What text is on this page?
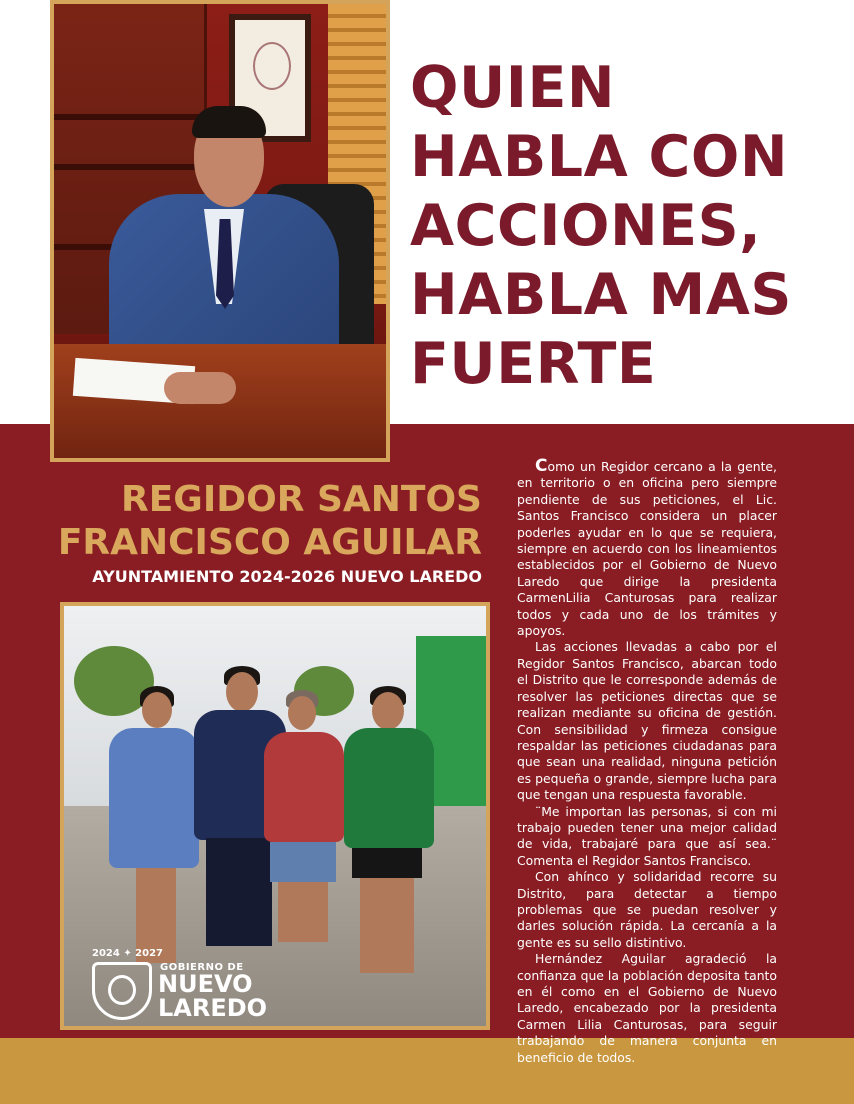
QUIEN HABLA CON ACCIONES, HABLA MAS FUERTE
REGIDOR SANTOS FRANCISCO AGUILAR
AYUNTAMIENTO 2024-2026 NUEVO LAREDO
2024 ✦ 2027
GOBIERNO DE
NUEVO
LAREDO

Como un Regidor cercano a la gente, en territorio o en oficina pero siempre pendiente de sus peticiones, el Lic. Santos Francisco considera un placer poderles ayudar en lo que se requiera, siempre en acuerdo con los lineamientos establecidos por el Gobierno de Nuevo Laredo que dirige la presidenta CarmenLilia Canturosas para realizar todos y cada uno de los trámites y apoyos.

Las acciones llevadas a cabo por el Regidor Santos Francisco, abarcan todo el Distrito que le corresponde además de resolver las peticiones directas que se realizan mediante su oficina de gestión. Con sensibilidad y firmeza consigue respaldar las peticiones ciudadanas para que sean una realidad, ninguna petición es pequeña o grande, siempre lucha para que tengan una respuesta favorable.

¨Me importan las personas, si con mi trabajo pueden tener una mejor calidad de vida, trabajaré para que así sea.¨ Comenta el Regidor Santos Francisco.

Con ahínco y solidaridad recorre su Distrito, para detectar a tiempo problemas que se puedan resolver y darles solución rápida. La cercanía a la gente es su sello distintivo.

Hernández Aguilar agradeció la confianza que la población deposita tanto en él como en el Gobierno de Nuevo Laredo, encabezado por la presidenta Carmen Lilia Canturosas, para seguir trabajando de manera conjunta en beneficio de todos.
